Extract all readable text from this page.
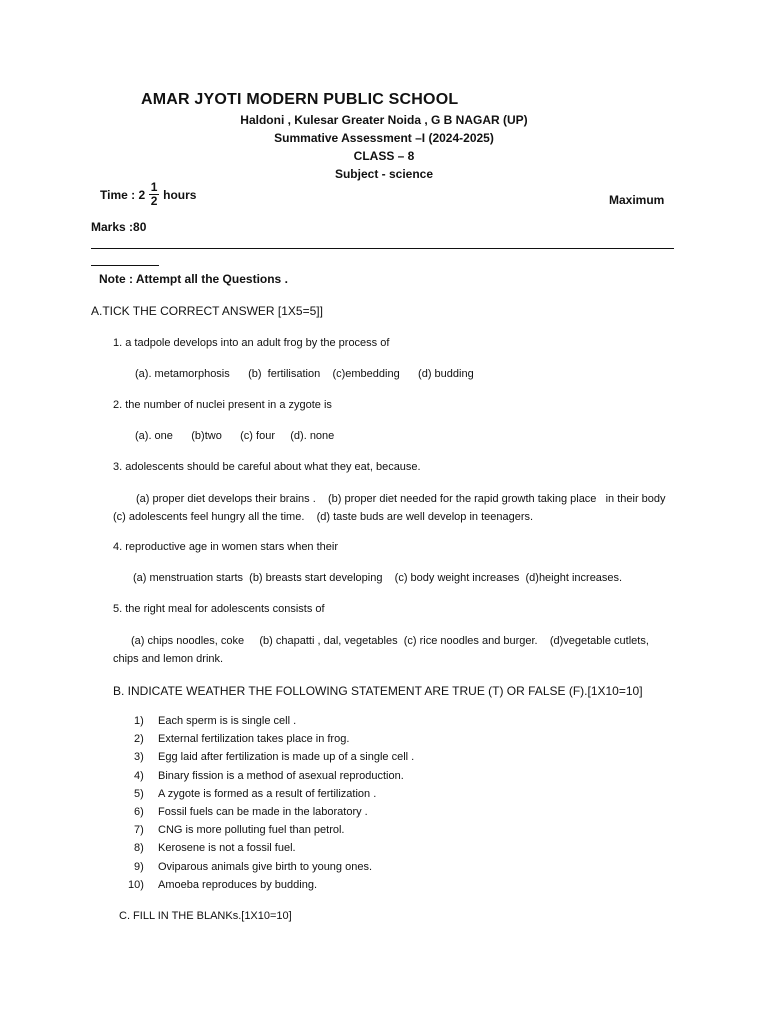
AMAR JYOTI MODERN PUBLIC SCHOOL
Haldoni , Kulesar Greater Noida , G B NAGAR (UP)
Summative Assessment –I (2024-2025)
CLASS – 8
Subject - science
Time : $2 \frac{1}{2}$ hours	Maximum
Marks :80
Note : Attempt all the Questions .
A.TICK THE CORRECT ANSWER [1X5=5]]
1. a tadpole develops into an adult frog by the process of
(a). metamorphosis      (b)  fertilisation    (c)embedding      (d) budding
2. the number of nuclei present in a zygote is
(a). one      (b)two      (c) four     (d). none
3. adolescents should be careful about what they eat, because.
(a) proper diet develops their brains .    (b) proper diet needed for the rapid growth taking place   in their body    (c) adolescents feel hungry all the time.    (d) taste buds are well develop in teenagers.
4. reproductive age in women stars when their
(a) menstruation starts  (b) breasts start developing    (c) body weight increases  (d)height increases.
5. the right meal for adolescents consists of
(a) chips noodles, coke     (b) chapatti , dal, vegetables  (c) rice noodles and burger.    (d)vegetable cutlets, chips and lemon drink.
B. INDICATE WEATHER THE FOLLOWING STATEMENT ARE TRUE (T) OR FALSE (F).[1X10=10]
1)	Each sperm is is single cell .
2)	External fertilization takes place in frog.
3)	Egg laid after fertilization is made up of a single cell .
4)	Binary fission is a method of asexual reproduction.
5)	A zygote is formed as a result of fertilization .
6)	Fossil fuels can be made in the laboratory .
7)	CNG is more polluting fuel than petrol.
8)	Kerosene is not a fossil fuel.
9)	Oviparous animals give birth to young ones.
10)	Amoeba reproduces by budding.
C. FILL IN THE BLANKs.[1X10=10]
